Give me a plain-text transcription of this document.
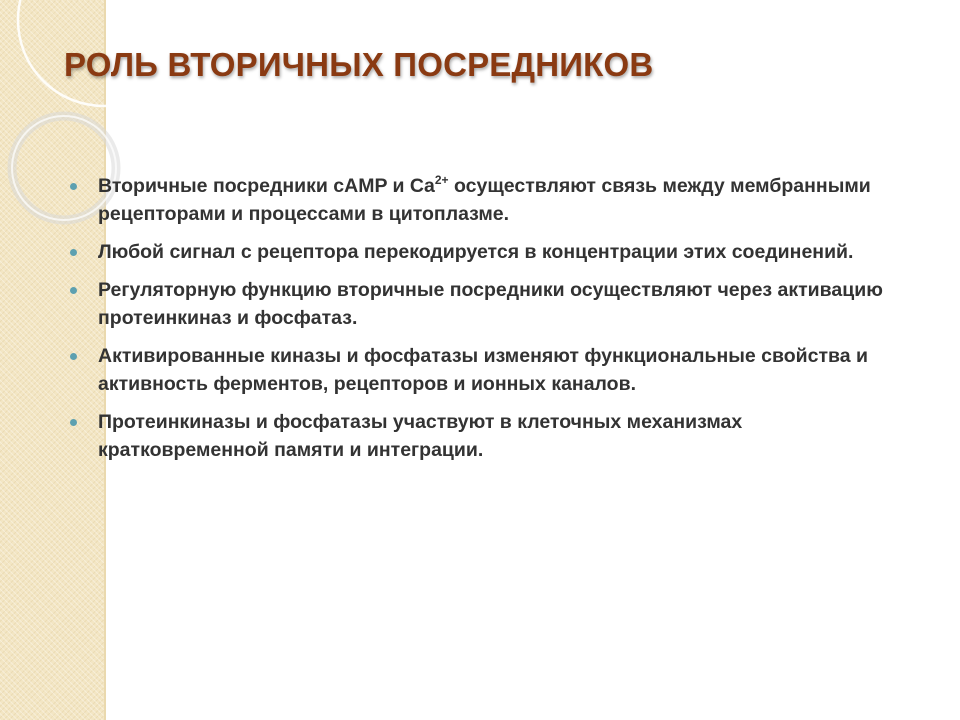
РОЛЬ ВТОРИЧНЫХ ПОСРЕДНИКОВ
Вторичные посредники cAMP и $Ca^{2+}$ осуществляют связь между мембранными рецепторами и процессами в цитоплазме.
Любой сигнал с рецептора перекодируется в концентрации этих соединений.
Регуляторную функцию вторичные посредники осуществляют через активацию протеинкиназ и фосфатаз.
Активированные киназы и фосфатазы изменяют функциональные свойства и активность ферментов, рецепторов и ионных каналов.
Протеинкиназы и фосфатазы участвуют в клеточных механизмах кратковременной памяти и интеграции.
